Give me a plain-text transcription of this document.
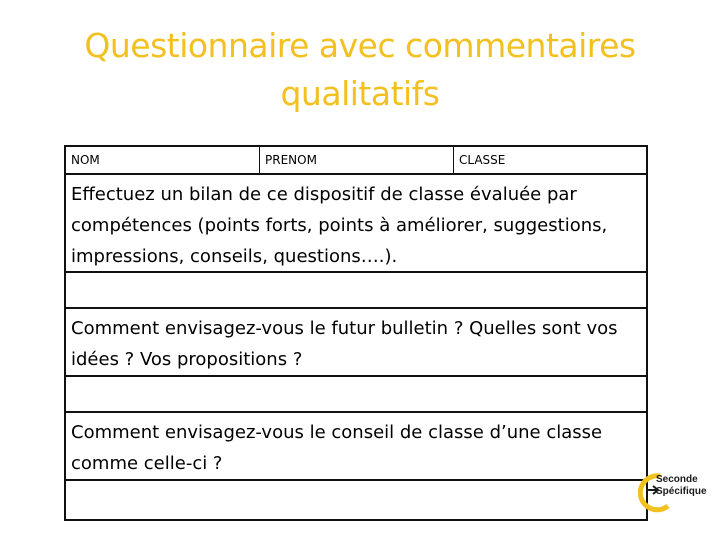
Questionnaire avec commentaires
qualitatifs
NOM	PRENOM	CLASSE
Effectuez un bilan de ce dispositif de classe évaluée par compétences (points forts, points à améliorer, suggestions, impressions, conseils, questions….).
Comment envisagez-vous le futur bulletin ? Quelles sont vos idées ? Vos propositions ?
Comment envisagez-vous le conseil de classe d’une classe comme celle-ci ?
Seconde
Spécifique
